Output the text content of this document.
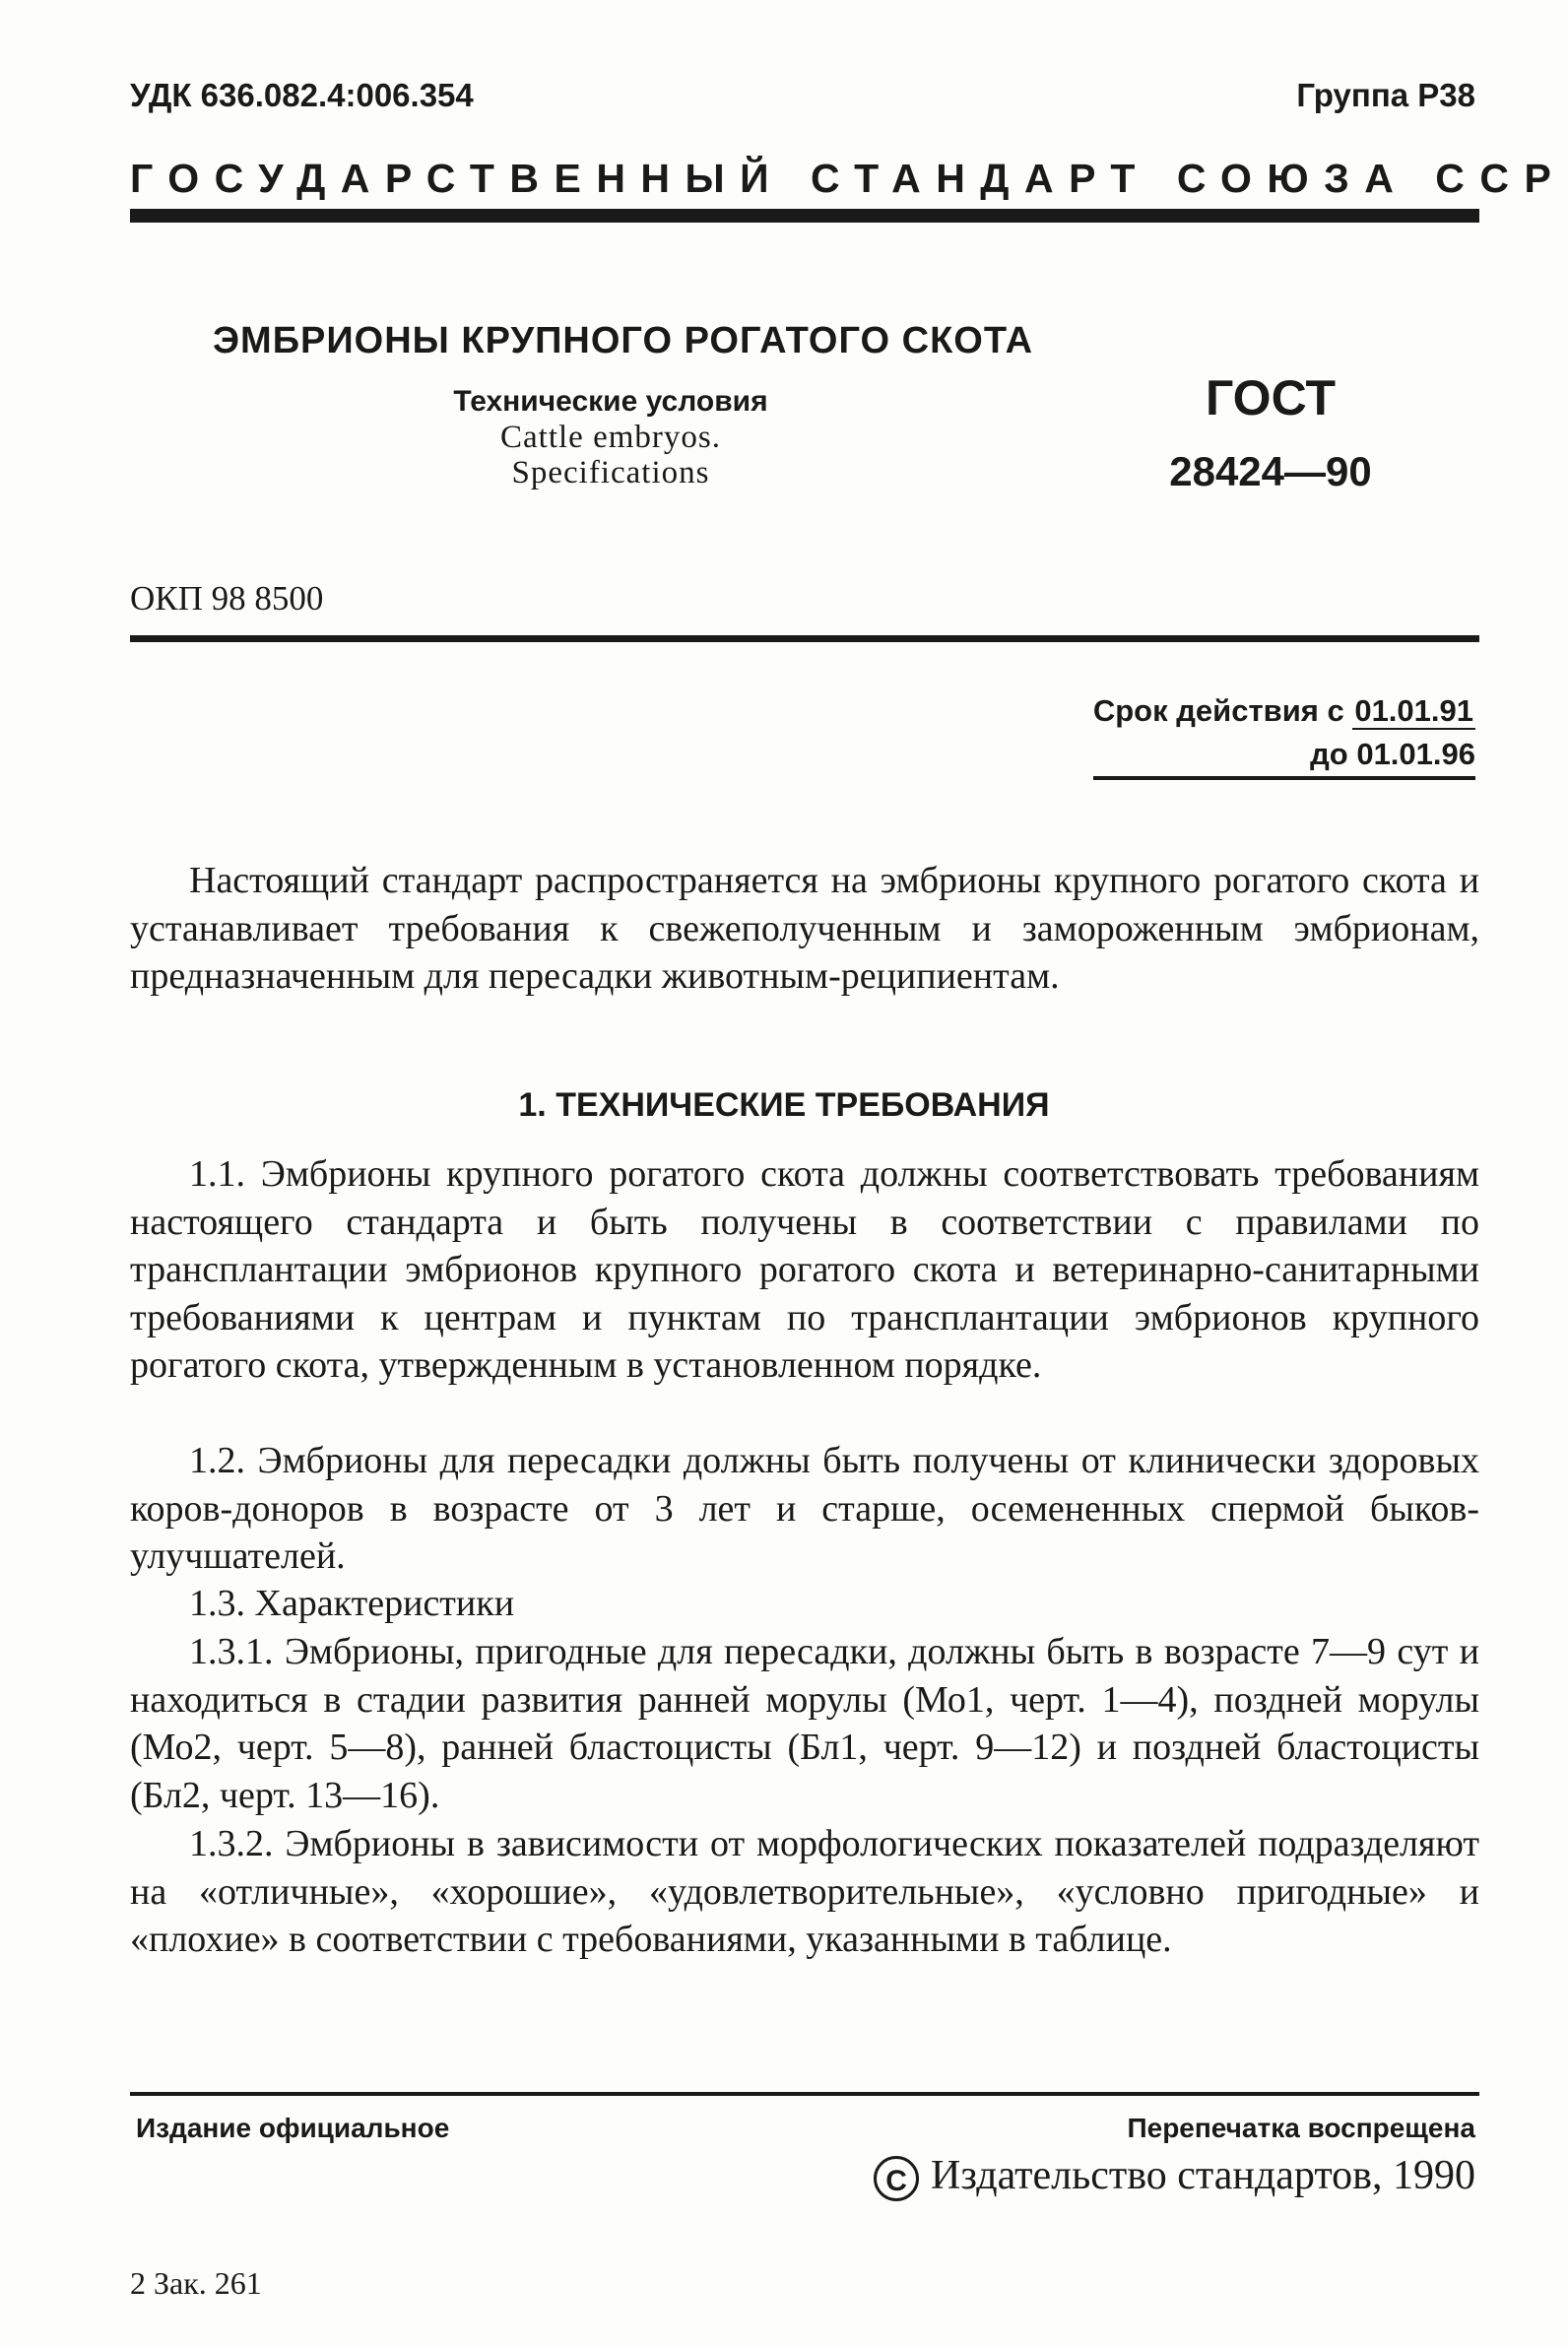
УДК 636.082.4:006.354	Группа Р38
ГОСУДАРСТВЕННЫЙ СТАНДАРТ СОЮЗА ССР
ЭМБРИОНЫ КРУПНОГО РОГАТОГО СКОТА
Технические условия
Cattle embryos.
Specifications
ГОСТ
28424—90
ОКП 98 8500
Срок действия с 01.01.91
до 01.01.96

Настоящий стандарт распространяется на эмбрионы крупного рогатого скота и устанавливает требования к свежеполученным и замороженным эмбрионам, предназначенным для пересадки животным-реципиентам.

1. ТЕХНИЧЕСКИЕ ТРЕБОВАНИЯ

1.1. Эмбрионы крупного рогатого скота должны соответствовать требованиям настоящего стандарта и быть получены в соответствии с правилами по трансплантации эмбрионов крупного рогатого скота и ветеринарно-санитарными требованиями к центрам и пунктам по трансплантации эмбрионов крупного рогатого скота, утвержденным в установленном порядке.

1.2. Эмбрионы для пересадки должны быть получены от клинически здоровых коров-доноров в возрасте от 3 лет и старше, осемененных спермой быков-улучшателей.

1.3. Характеристики

1.3.1. Эмбрионы, пригодные для пересадки, должны быть в возрасте 7—9 сут и находиться в стадии развития ранней морулы (Мо1, черт. 1—4), поздней морулы (Мо2, черт. 5—8), ранней бластоцисты (Бл1, черт. 9—12) и поздней бластоцисты (Бл2, черт. 13—16).

1.3.2. Эмбрионы в зависимости от морфологических показателей подразделяют на «отличные», «хорошие», «удовлетворительные», «условно пригодные» и «плохие» в соответствии с требованиями, указанными в таблице.

Издание официальное	Перепечатка воспрещена
C Издательство стандартов, 1990
2 Зак. 261
